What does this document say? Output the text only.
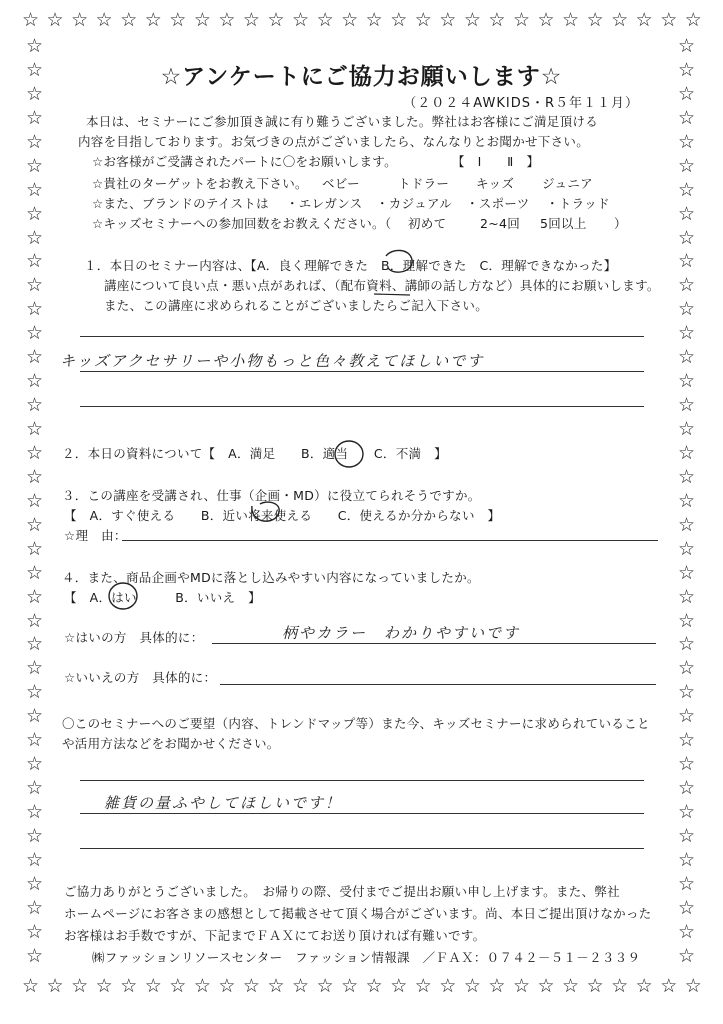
☆ ☆ ☆ ☆ ☆ ☆ ☆ ☆ ☆ ☆ ☆ ☆ ☆ ☆ ☆ ☆ ☆ ☆ ☆ ☆ ☆ ☆ ☆ ☆ ☆ ☆ ☆ ☆
☆ ☆ ☆ ☆ ☆ ☆ ☆ ☆ ☆ ☆ ☆ ☆ ☆ ☆ ☆ ☆ ☆ ☆ ☆ ☆ ☆ ☆ ☆ ☆ ☆ ☆ ☆ ☆
☆
☆
☆
☆
☆
☆
☆
☆
☆
☆
☆
☆
☆
☆
☆
☆
☆
☆
☆
☆
☆
☆
☆
☆
☆
☆
☆
☆
☆
☆
☆
☆
☆
☆
☆
☆
☆
☆
☆
☆
☆
☆
☆
☆
☆
☆
☆
☆
☆
☆
☆
☆
☆
☆
☆
☆
☆
☆
☆
☆
☆
☆
☆
☆
☆
☆
☆
☆
☆
☆
☆
☆
☆
☆
☆
☆
☆
☆
☆アンケートにご協力お願いします☆
（２０２４AWKIDS・R５年１１月）
本日は、セミナーにご参加頂き誠に有り難うございました。弊社はお客様にご満足頂ける
内容を目指しております。お気づきの点がございましたら、なんなりとお聞かせ下さい。
☆お客様がご受講されたパートに〇をお願いします。	【　Ⅰ　　Ⅱ　】
☆貴社のターゲットをお教え下さい。 ベビー	トドラー キッズ ジュニア
☆また、ブランドのテイストは ・エレガンス ・カジュアル ・スポーツ ・トラッド
☆キッズセミナーへの参加回数をお教えください。（ 初めて	2~4回 5回以上 ）
１．本日のセミナー内容は、【A．良く理解できた　B．理解できた　C．理解できなかった】
講座について良い点・悪い点があれば、（配布資料、講師の話し方など）具体的にお願いします。
また、この講座に求められることがございましたらご記入下さい。
キッズアクセサリーや小物もっと色々教えてほしいです
２．本日の資料について【　A．満足　　B．適当　　C．不満　】
３．この講座を受講され、仕事（企画・MD）に役立てられそうですか。
【　A．すぐ使える　　B．近い将来使える　　C．使えるか分からない　】
☆理　由：
４．また、商品企画やMDに落とし込みやすい内容になっていましたか。
【　A．はい　　　B．いいえ　】
☆はいの方　具体的に：	柄やカラー　わかりやすいです
☆いいえの方　具体的に：
〇このセミナーへのご要望（内容、トレンドマップ等）また今、キッズセミナーに求められていること
や活用方法などをお聞かせください。
雑貨の量ふやしてほしいです！
ご協力ありがとうございました。　お帰りの際、受付までご提出お願い申し上げます。また、弊社
ホームページにお客さまの感想として掲載させて頂く場合がございます。尚、本日ご提出頂けなかった
お客様はお手数ですが、下記までＦＡＸにてお送り頂ければ有難いです。
㈱ファッションリソースセンター　ファッション情報課　／ＦＡＸ：０７４２－５１－２３３９
